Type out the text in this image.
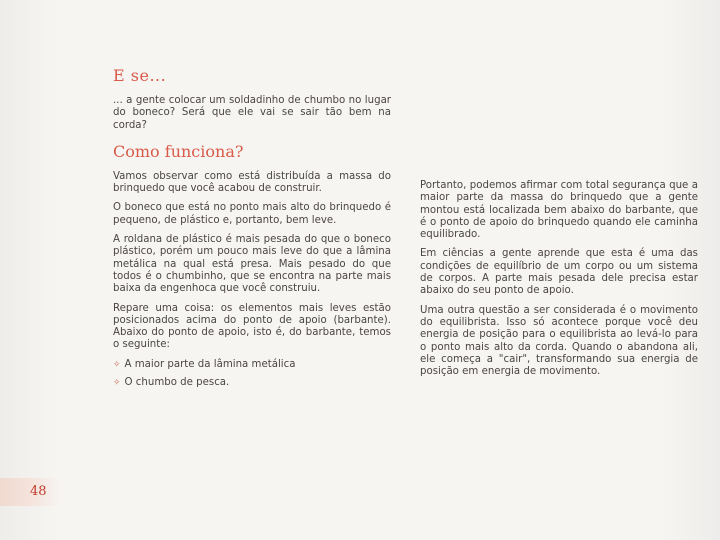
E se...

... a gente colocar um soldadinho de chumbo no lugar do boneco? Será que ele vai se sair tão bem na corda?

Como funciona?

Vamos observar como está distribuída a massa do brinquedo que você acabou de construir.

O boneco que está no ponto mais alto do brinquedo é pequeno, de plástico e, portanto, bem leve.

A roldana de plástico é mais pesada do que o boneco plástico, porém um pouco mais leve do que a lâmina metálica na qual está presa. Mais pesado do que todos é o chumbinho, que se encontra na parte mais baixa da engenhoca que você construiu.

Repare uma coisa: os elementos mais leves estão posicionados acima do ponto de apoio (barbante). Abaixo do ponto de apoio, isto é, do barbante, temos o seguinte:

✧ A maior parte da lâmina metálica
✧ O chumbo de pesca.

Portanto, podemos afirmar com total segurança que a maior parte da massa do brinquedo que a gente montou está localizada bem abaixo do barbante, que é o ponto de apoio do brinquedo quando ele caminha equilibrado.

Em ciências a gente aprende que esta é uma das condições de equilíbrio de um corpo ou um sistema de corpos. A parte mais pesada dele precisa estar abaixo do seu ponto de apoio.

Uma outra questão a ser considerada é o movimento do equilibrista. Isso só acontece porque você deu energia de posição para o equilibrista ao levá-lo para o ponto mais alto da corda. Quando o abandona ali, ele começa a "cair", transformando sua energia de posição em energia de movimento.

48
